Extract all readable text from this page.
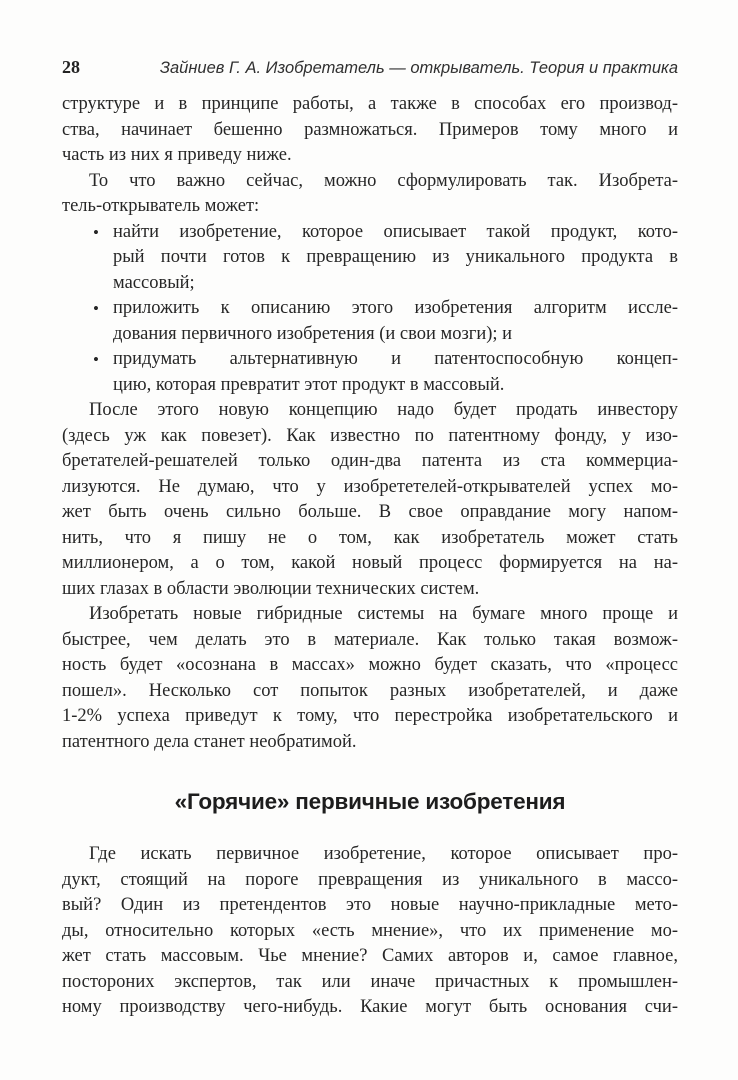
28	Зайниев Г. А. Изобретатель — открыватель. Теория и практика
структуре и в принципе работы, а также в способах его производ-
ства, начинает бешенно размножаться. Примеров тому много и
часть из них я приведу ниже.
То что важно сейчас, можно сформулировать так. Изобрета-
тель-открыватель может:
• найти изобретение, которое описывает такой продукт, кото-
рый почти готов к превращению из уникального продукта в
массовый;
• приложить к описанию этого изобретения алгоритм иссле-
дования первичного изобретения (и свои мозги); и
• придумать альтернативную и патентоспособную концеп-
цию, которая превратит этот продукт в массовый.
После этого новую концепцию надо будет продать инвестору
(здесь уж как повезет). Как известно по патентному фонду, у изо-
бретателей-решателей только один-два патента из ста коммерциа-
лизуются. Не думаю, что у изобрететелей-открывателей успех мо-
жет быть очень сильно больше. В свое оправдание могу напом-
нить, что я пишу не о том, как изобретатель может стать
миллионером, а о том, какой новый процесс формируется на на-
ших глазах в области эволюции технических систем.
Изобретать новые гибридные системы на бумаге много проще и
быстрее, чем делать это в материале. Как только такая возмож-
ность будет «осознана в массах» можно будет сказать, что «процесс
пошел». Несколько сот попыток разных изобретателей, и даже
1-2% успеха приведут к тому, что перестройка изобретательского и
патентного дела станет необратимой.
«Горячие» первичные изобретения
Где искать первичное изобретение, которое описывает про-
дукт, стоящий на пороге превращения из уникального в массо-
вый? Один из претендентов это новые научно-прикладные мето-
ды, относительно которых «есть мнение», что их применение мо-
жет стать массовым. Чье мнение? Самих авторов и, самое главное,
постороних экспертов, так или иначе причастных к промышлен-
ному производству чего-нибудь. Какие могут быть основания счи-
